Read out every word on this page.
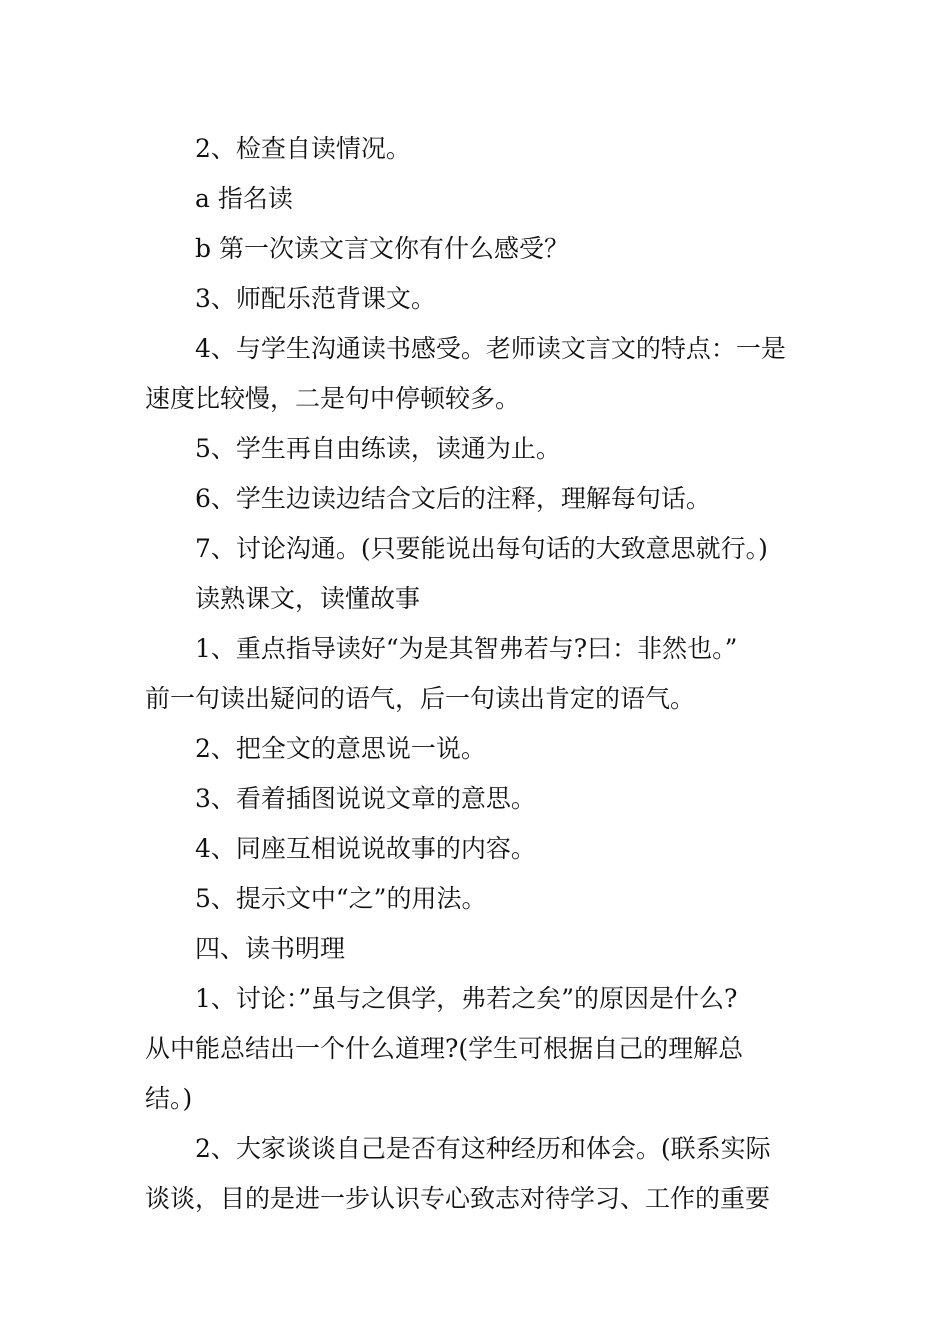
2、检查自读情况。

a 指名读

b 第一次读文言文你有什么感受？

3、师配乐范背课文。

4、与学生沟通读书感受。老师读文言文的特点：一是
速度比较慢，二是句中停顿较多。

5、学生再自由练读，读通为止。

6、学生边读边结合文后的注释，理解每句话。

7、讨论沟通。(只要能说出每句话的大致意思就行。)

读熟课文，读懂故事

1、重点指导读好“为是其智弗若与?曰：非然也。”
前一句读出疑问的语气，后一句读出肯定的语气。

2、把全文的意思说一说。

3、看着插图说说文章的意思。

4、同座互相说说故事的内容。

5、提示文中“之”的用法。

四、读书明理

1、讨论：”虽与之俱学，弗若之矣”的原因是什么?
从中能总结出一个什么道理?(学生可根据自己的理解总
结。)

2、大家谈谈自己是否有这种经历和体会。(联系实际
谈谈，目的是进一步认识专心致志对待学习、工作的重要
